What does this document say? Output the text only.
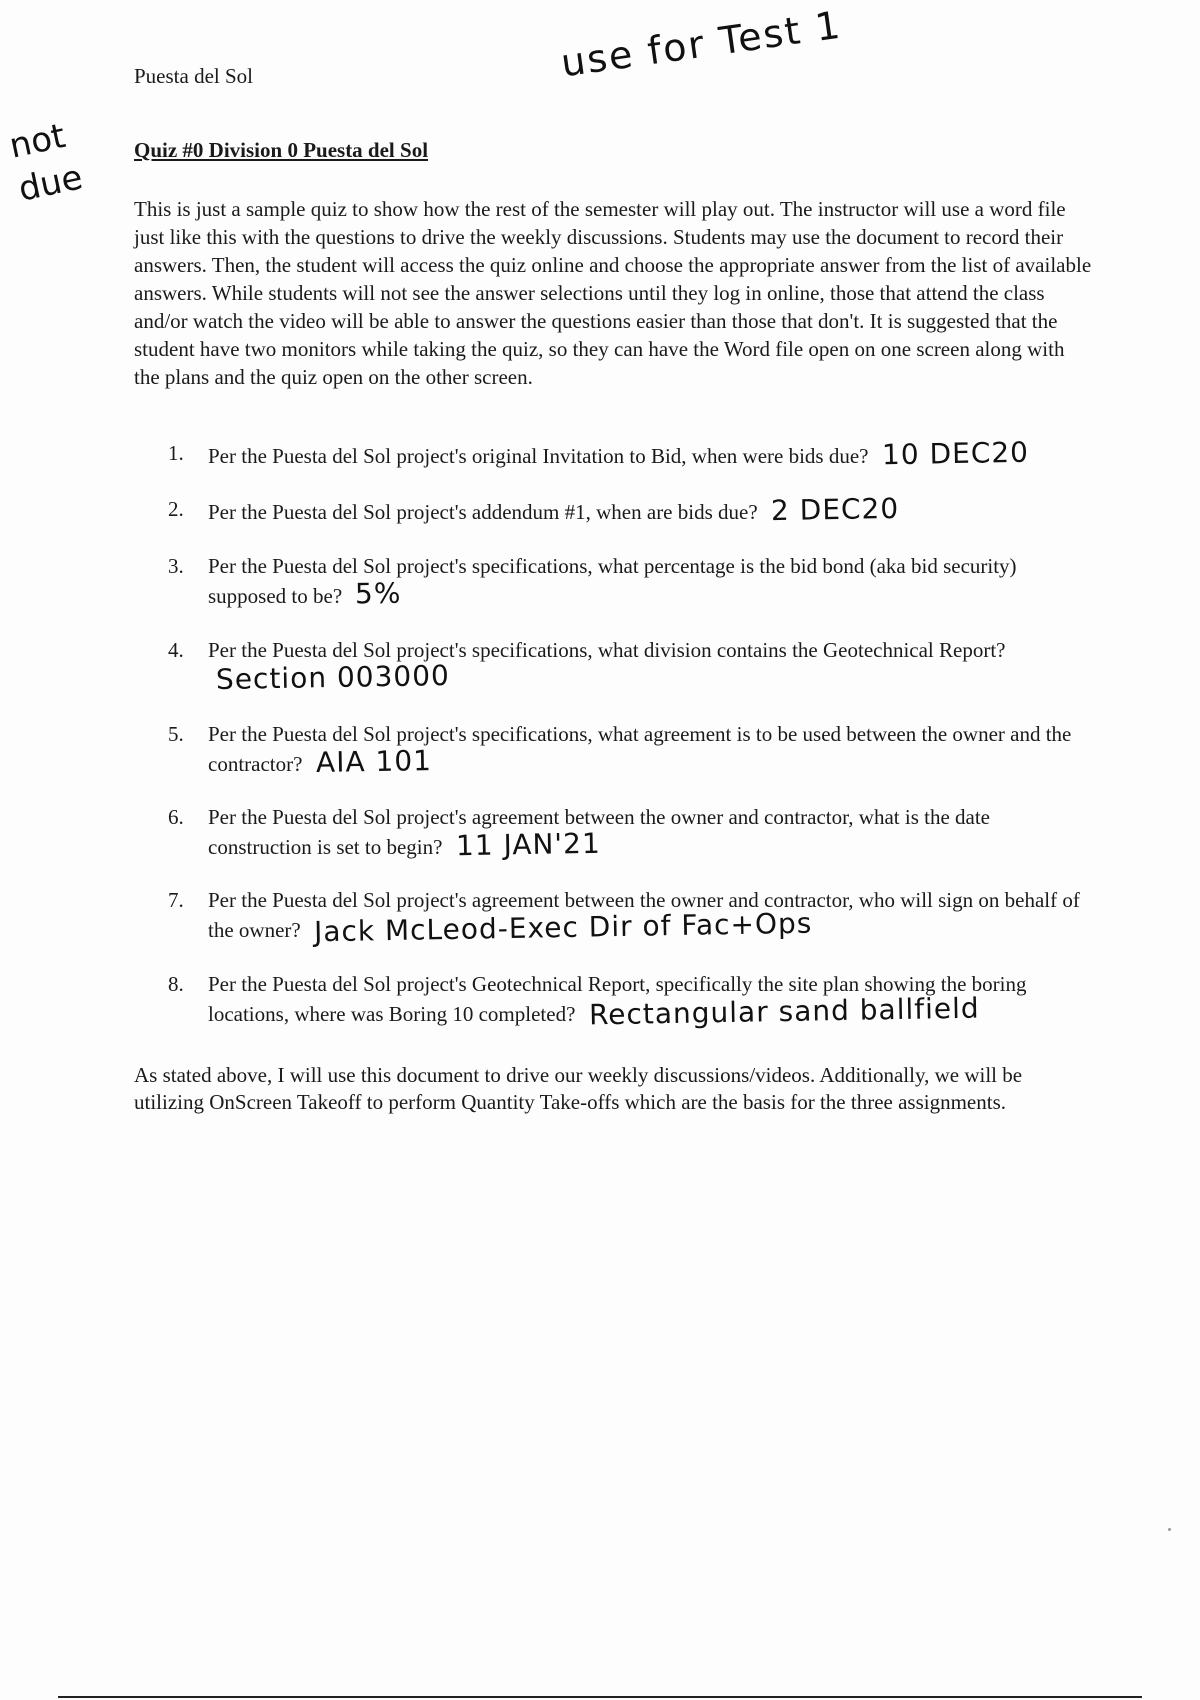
use for Test 1
not
due
Puesta del Sol
Quiz #0 Division 0 Puesta del Sol

This is just a sample quiz to show how the rest of the semester will play out. The instructor will use a word file just like this with the questions to drive the weekly discussions. Students may use the document to record their answers. Then, the student will access the quiz online and choose the appropriate answer from the list of available answers. While students will not see the answer selections until they log in online, those that attend the class and/or watch the video will be able to answer the questions easier than those that don't. It is suggested that the student have two monitors while taking the quiz, so they can have the Word file open on one screen along with the plans and the quiz open on the other screen.

1.	Per the Puesta del Sol project's original Invitation to Bid, when were bids due? 10 DEC20
2.	Per the Puesta del Sol project's addendum #1, when are bids due? 2 DEC20
3.	Per the Puesta del Sol project's specifications, what percentage is the bid bond (aka bid security) supposed to be? 5%
4.	Per the Puesta del Sol project's specifications, what division contains the Geotechnical Report? Section 003000
5.	Per the Puesta del Sol project's specifications, what agreement is to be used between the owner and the contractor? AIA 101
6.	Per the Puesta del Sol project's agreement between the owner and contractor, what is the date construction is set to begin? 11 JAN'21
7.	Per the Puesta del Sol project's agreement between the owner and contractor, who will sign on behalf of the owner? Jack McLeod-Exec Dir of Fac+Ops
8.	Per the Puesta del Sol project's Geotechnical Report, specifically the site plan showing the boring locations, where was Boring 10 completed? Rectangular sand ballfield

As stated above, I will use this document to drive our weekly discussions/videos. Additionally, we will be utilizing OnScreen Takeoff to perform Quantity Take-offs which are the basis for the three assignments.
